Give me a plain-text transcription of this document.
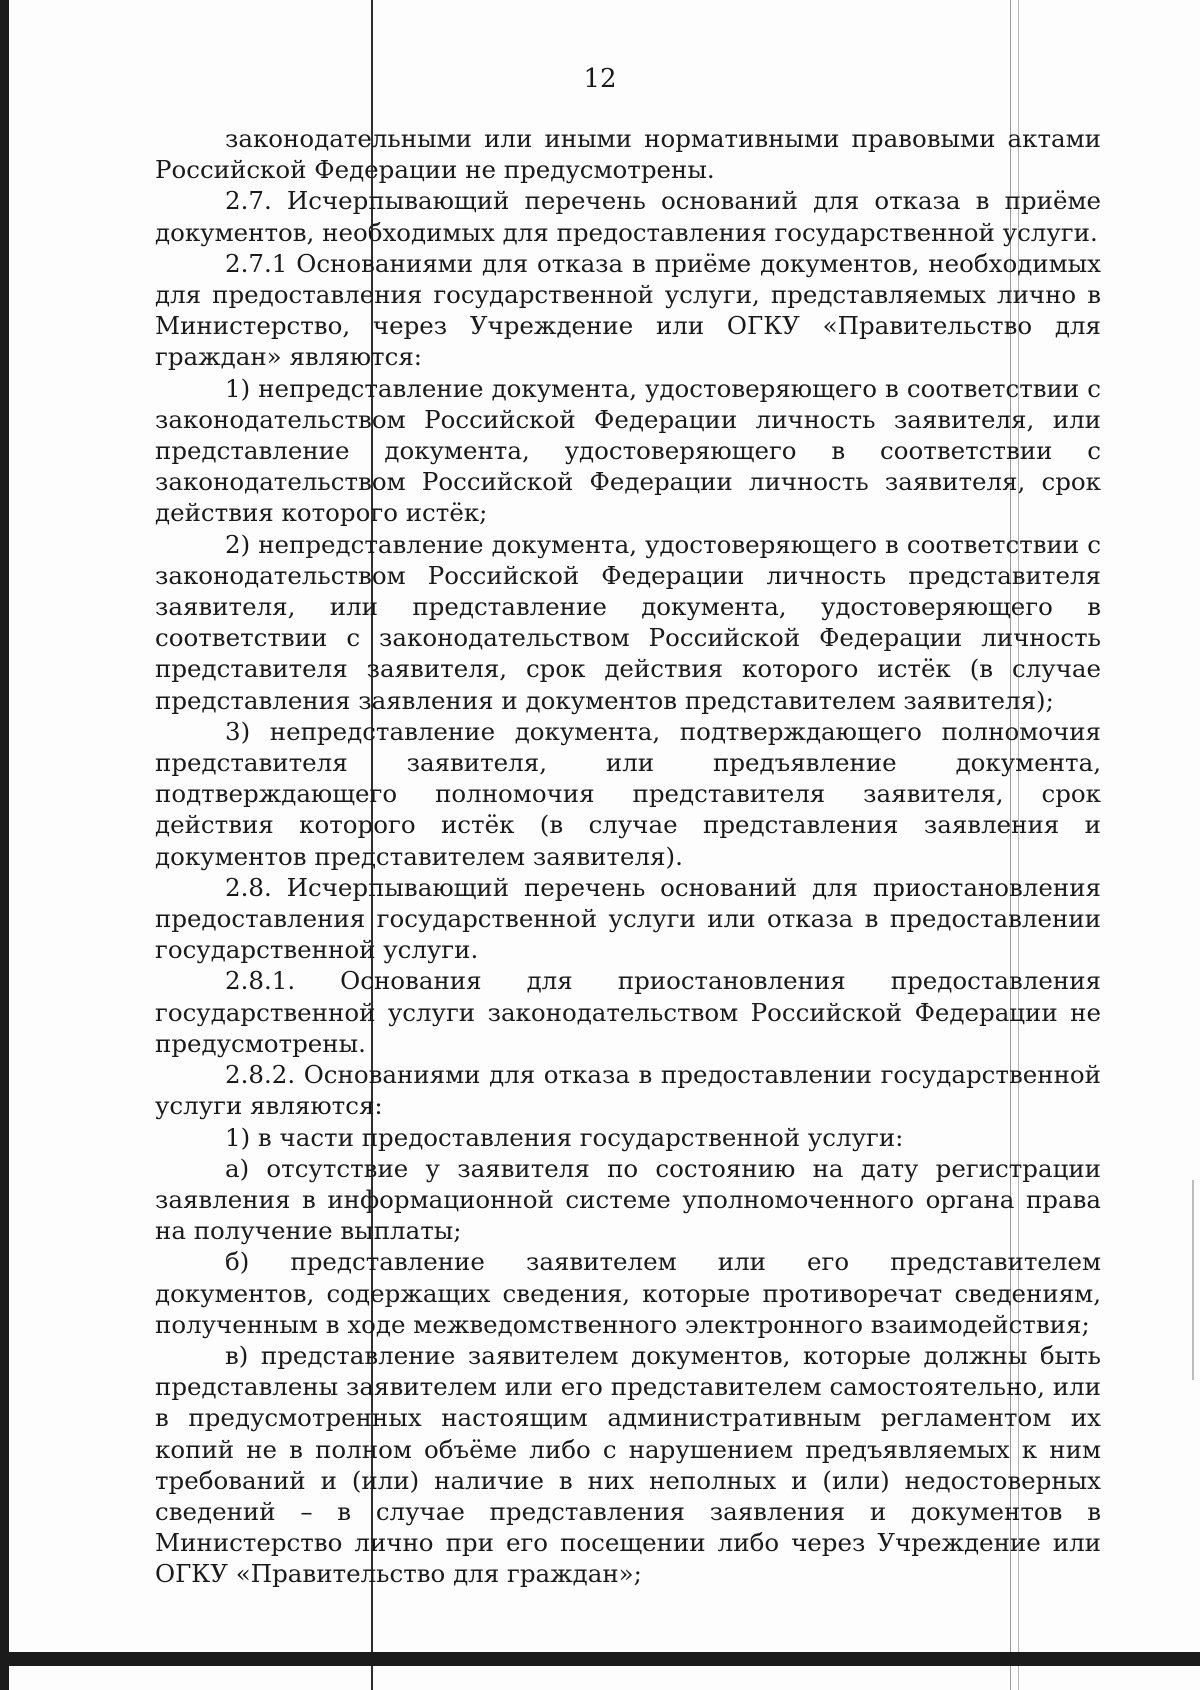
12

законодательными или иными нормативными правовыми актами Российской Федерации не предусмотрены.

2.7. Исчерпывающий перечень оснований для отказа в приёме документов, необходимых для предоставления государственной услуги.

2.7.1 Основаниями для отказа в приёме документов, необходимых для предоставления государственной услуги, представляемых лично в Министерство, через Учреждение или ОГКУ «Правительство для граждан» являются:

1) непредставление документа, удостоверяющего в соответствии с законодательством Российской Федерации личность заявителя, или представление документа, удостоверяющего в соответствии с законодательством Российской Федерации личность заявителя, срок действия которого истёк;

2) непредставление документа, удостоверяющего в соответствии с законодательством Российской Федерации личность представителя заявителя, или представление документа, удостоверяющего в соответствии с законодательством Российской Федерации личность представителя заявителя, срок действия которого истёк (в случае представления заявления и документов представителем заявителя);

3) непредставление документа, подтверждающего полномочия представителя заявителя, или предъявление документа, подтверждающего полномочия представителя заявителя, срок действия которого истёк (в случае представления заявления и документов представителем заявителя).

2.8. Исчерпывающий перечень оснований для приостановления предоставления государственной услуги или отказа в предоставлении государственной услуги.

2.8.1. Основания для приостановления предоставления государственной услуги законодательством Российской Федерации не предусмотрены.

2.8.2. Основаниями для отказа в предоставлении государственной услуги являются:

1) в части предоставления государственной услуги:

а) отсутствие у заявителя по состоянию на дату регистрации заявления в информационной системе уполномоченного органа права на получение выплаты;

б) представление заявителем или его представителем документов, содержащих сведения, которые противоречат сведениям, полученным в ходе межведомственного электронного взаимодействия;

в) представление заявителем документов, которые должны быть представлены заявителем или его представителем самостоятельно, или в предусмотренных настоящим административным регламентом их копий не в полном объёме либо с нарушением предъявляемых к ним требований и (или) наличие в них неполных и (или) недостоверных сведений – в случае представления заявления и документов в Министерство лично при его посещении либо через Учреждение или ОГКУ «Правительство для граждан»;
